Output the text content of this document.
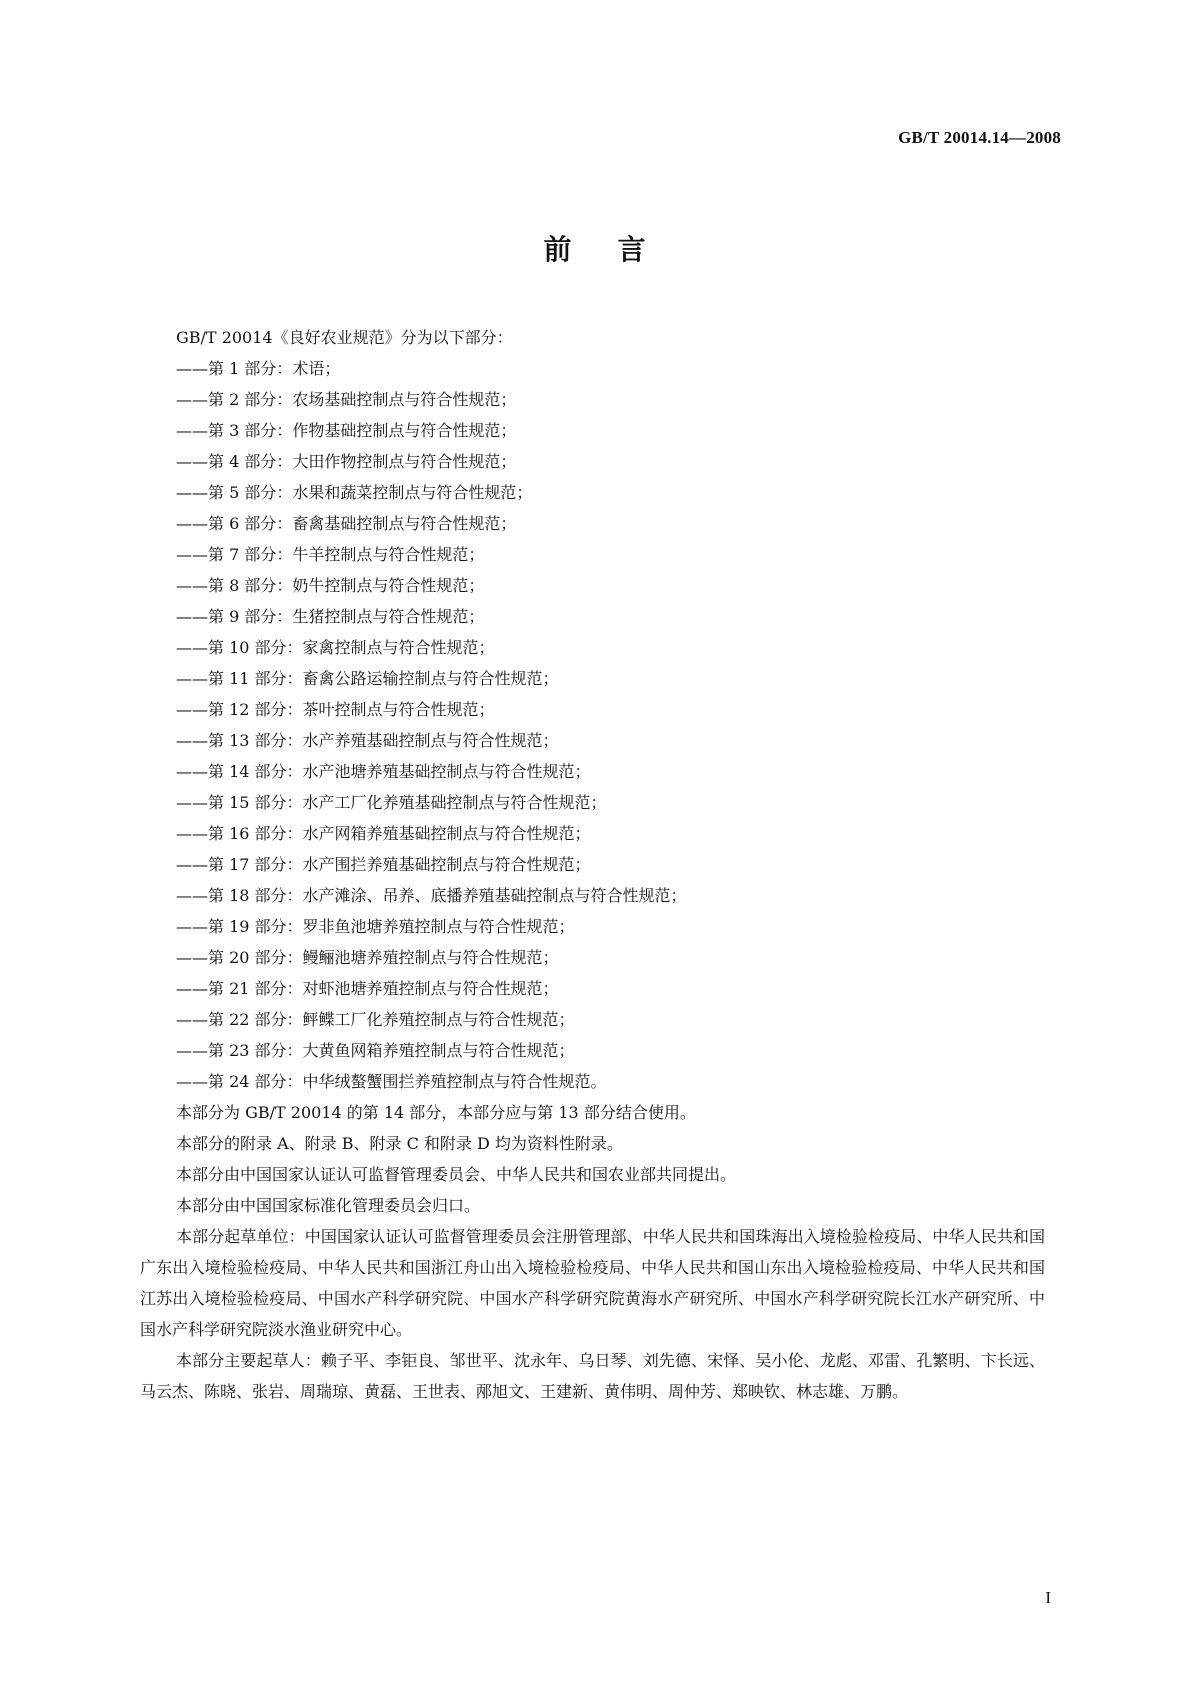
GB/T 20014.14—2008
前 言
GB/T 20014《良好农业规范》分为以下部分：
——第 1 部分：术语；
——第 2 部分：农场基础控制点与符合性规范；
——第 3 部分：作物基础控制点与符合性规范；
——第 4 部分：大田作物控制点与符合性规范；
——第 5 部分：水果和蔬菜控制点与符合性规范；
——第 6 部分：畜禽基础控制点与符合性规范；
——第 7 部分：牛羊控制点与符合性规范；
——第 8 部分：奶牛控制点与符合性规范；
——第 9 部分：生猪控制点与符合性规范；
——第 10 部分：家禽控制点与符合性规范；
——第 11 部分：畜禽公路运输控制点与符合性规范；
——第 12 部分：茶叶控制点与符合性规范；
——第 13 部分：水产养殖基础控制点与符合性规范；
——第 14 部分：水产池塘养殖基础控制点与符合性规范；
——第 15 部分：水产工厂化养殖基础控制点与符合性规范；
——第 16 部分：水产网箱养殖基础控制点与符合性规范；
——第 17 部分：水产围拦养殖基础控制点与符合性规范；
——第 18 部分：水产滩涂、吊养、底播养殖基础控制点与符合性规范；
——第 19 部分：罗非鱼池塘养殖控制点与符合性规范；
——第 20 部分：鳗鲡池塘养殖控制点与符合性规范；
——第 21 部分：对虾池塘养殖控制点与符合性规范；
——第 22 部分：鲆鲽工厂化养殖控制点与符合性规范；
——第 23 部分：大黄鱼网箱养殖控制点与符合性规范；
——第 24 部分：中华绒螯蟹围拦养殖控制点与符合性规范。
本部分为 GB/T 20014 的第 14 部分，本部分应与第 13 部分结合使用。
本部分的附录 A、附录 B、附录 C 和附录 D 均为资料性附录。
本部分由中国国家认证认可监督管理委员会、中华人民共和国农业部共同提出。
本部分由中国国家标准化管理委员会归口。
本部分起草单位：中国国家认证认可监督管理委员会注册管理部、中华人民共和国珠海出入境检验检疫局、中华人民共和国广东出入境检验检疫局、中华人民共和国浙江舟山出入境检验检疫局、中华人民共和国山东出入境检验检疫局、中华人民共和国江苏出入境检验检疫局、中国水产科学研究院、中国水产科学研究院黄海水产研究所、中国水产科学研究院长江水产研究所、中国水产科学研究院淡水渔业研究中心。
本部分主要起草人：赖子平、李钜良、邹世平、沈永年、乌日琴、刘先德、宋怿、吴小伦、龙彪、邓雷、孔繁明、卞长远、马云杰、陈晓、张岩、周瑞琼、黄磊、王世表、邴旭文、王建新、黄伟明、周仲芳、郑映钦、林志雄、万鹏。
I
